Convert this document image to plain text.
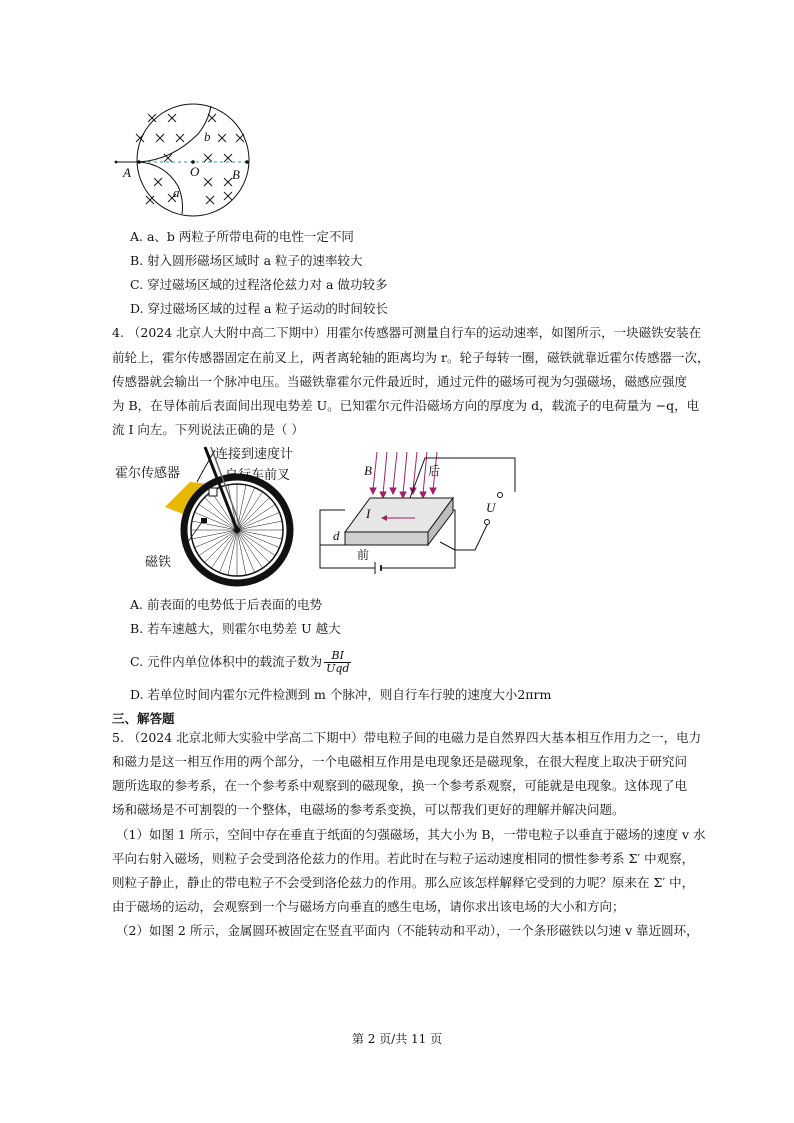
A	O	B
a
b
A. a、b 两粒子所带电荷的电性一定不同
B. 射入圆形磁场区域时 a 粒子的速率较大
C. 穿过磁场区域的过程洛伦兹力对 a 做功较多
D. 穿过磁场区域的过程 a 粒子运动的时间较长
4. （2024 北京人大附中高二下期中）用霍尔传感器可测量自行车的运动速率，如图所示，一块磁铁安装在
前轮上，霍尔传感器固定在前叉上，两者离轮轴的距离均为 r。轮子每转一圈，磁铁就靠近霍尔传感器一次，
传感器就会输出一个脉冲电压。当磁铁靠霍尔元件最近时，通过元件的磁场可视为匀强磁场，磁感应强度
为 B，在导体前后表面间出现电势差 U。已知霍尔元件沿磁场方向的厚度为 d，载流子的电荷量为 −q，电
流 I 向左。下列说法正确的是（ ）
连接到速度计
霍尔传感器	自行车前叉
磁铁
B	后
U
I
d
前
A. 前表面的电势低于后表面的电势
B. 若车速越大，则霍尔电势差 U 越大
C. 元件内单位体积中的载流子数为 $\frac{BI}{\text{Uqd}}$
D. 若单位时间内霍尔元件检测到 m 个脉冲，则自行车行驶的速度大小2πrm
三、解答题
5. （2024 北京北师大实验中学高二下期中）带电粒子间的电磁力是自然界四大基本相互作用力之一，电力
和磁力是这一相互作用的两个部分，一个电磁相互作用是电现象还是磁现象，在很大程度上取决于研究问
题所选取的参考系，在一个参考系中观察到的磁现象，换一个参考系观察，可能就是电现象。这体现了电
场和磁场是不可割裂的一个整体，电磁场的参考系变换，可以帮我们更好的理解并解决问题。
（1）如图 1 所示，空间中存在垂直于纸面的匀强磁场，其大小为 B，一带电粒子以垂直于磁场的速度 v 水
平向右射入磁场，则粒子会受到洛伦兹力的作用。若此时在与粒子运动速度相同的惯性参考系 Σ′ 中观察，
则粒子静止，静止的带电粒子不会受到洛伦兹力的作用。那么应该怎样解释它受到的力呢？原来在 Σ′ 中，
由于磁场的运动，会观察到一个与磁场方向垂直的感生电场，请你求出该电场的大小和方向；
（2）如图 2 所示，金属圆环被固定在竖直平面内（不能转动和平动），一个条形磁铁以匀速 v 靠近圆环，
第 2 页/共 11 页
